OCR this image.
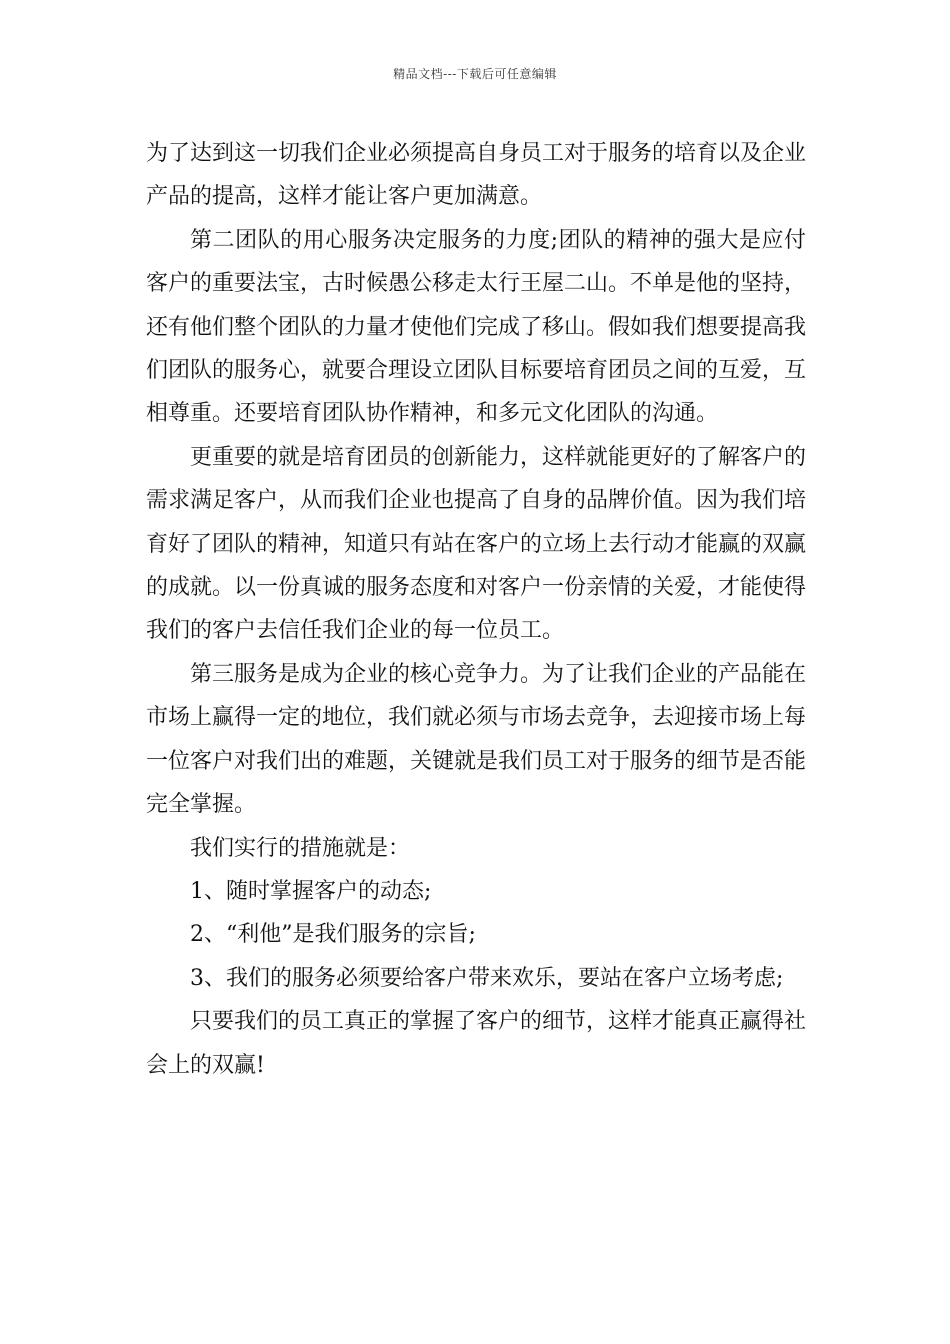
精品文档---下载后可任意编辑

为了达到这一切我们企业必须提高自身员工对于服务的培育以及企业产品的提高，这样才能让客户更加满意。

第二团队的用心服务决定服务的力度;团队的精神的强大是应付客户的重要法宝，古时候愚公移走太行王屋二山。不单是他的坚持，还有他们整个团队的力量才使他们完成了移山。假如我们想要提高我们团队的服务心，就要合理设立团队目标要培育团员之间的互爱，互相尊重。还要培育团队协作精神，和多元文化团队的沟通。

更重要的就是培育团员的创新能力，这样就能更好的了解客户的需求满足客户，从而我们企业也提高了自身的品牌价值。因为我们培育好了团队的精神，知道只有站在客户的立场上去行动才能赢的双赢的成就。以一份真诚的服务态度和对客户一份亲情的关爱，才能使得我们的客户去信任我们企业的每一位员工。

第三服务是成为企业的核心竞争力。为了让我们企业的产品能在市场上赢得一定的地位，我们就必须与市场去竞争，去迎接市场上每一位客户对我们出的难题，关键就是我们员工对于服务的细节是否能完全掌握。

我们实行的措施就是：

1、随时掌握客户的动态;

2、“利他”是我们服务的宗旨;

3、我们的服务必须要给客户带来欢乐，要站在客户立场考虑;

只要我们的员工真正的掌握了客户的细节，这样才能真正赢得社会上的双赢!
